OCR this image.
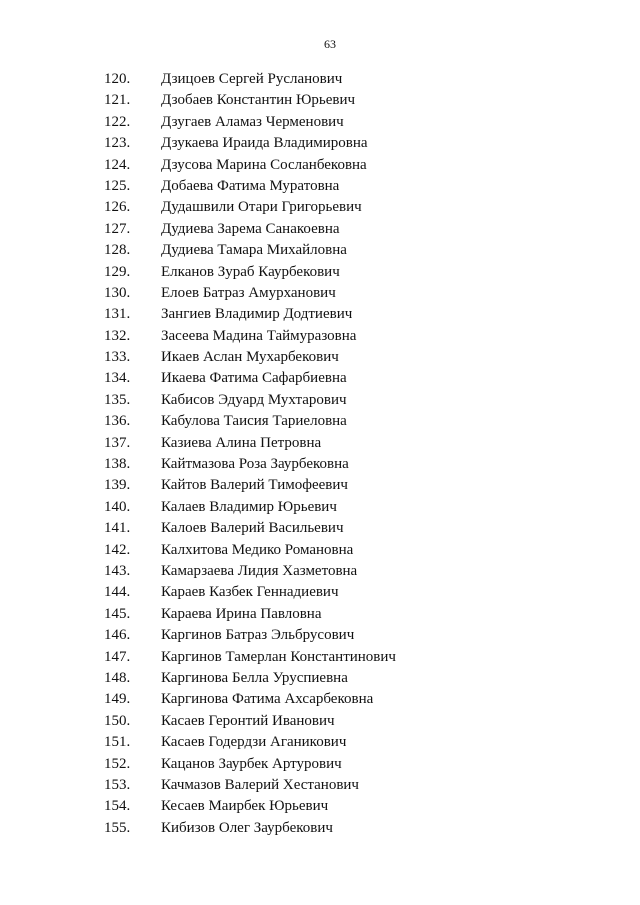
63
120.	Дзицоев Сергей Русланович
121.	Дзобаев Константин Юрьевич
122.	Дзугаев Аламаз Черменович
123.	Дзукаева Ираида Владимировна
124.	Дзусова Марина Сосланбековна
125.	Добаева Фатима Муратовна
126.	Дудашвили Отари Григорьевич
127.	Дудиева Зарема Санакоевна
128.	Дудиева Тамара Михайловна
129.	Елканов Зураб Каурбекович
130.	Елоев Батраз Амурханович
131.	Зангиев Владимир Додтиевич
132.	Засеева Мадина Таймуразовна
133.	Икаев Аслан Мухарбекович
134.	Икаева Фатима Сафарбиевна
135.	Кабисов Эдуард Мухтарович
136.	Кабулова Таисия Тариеловна
137.	Казиева Алина Петровна
138.	Кайтмазова Роза Заурбековна
139.	Кайтов Валерий Тимофеевич
140.	Калаев Владимир Юрьевич
141.	Калоев Валерий Васильевич
142.	Калхитова Медико Романовна
143.	Камарзаева Лидия Хазметовна
144.	Караев Казбек Геннадиевич
145.	Караева Ирина Павловна
146.	Каргинов Батраз Эльбрусович
147.	Каргинов Тамерлан Константинович
148.	Каргинова Белла Уруспиевна
149.	Каргинова Фатима Ахсарбековна
150.	Касаев Геронтий Иванович
151.	Касаев Годердзи Аганикович
152.	Кацанов Заурбек Артурович
153.	Качмазов Валерий Хестанович
154.	Кесаев Маирбек Юрьевич
155.	Кибизов Олег Заурбекович
